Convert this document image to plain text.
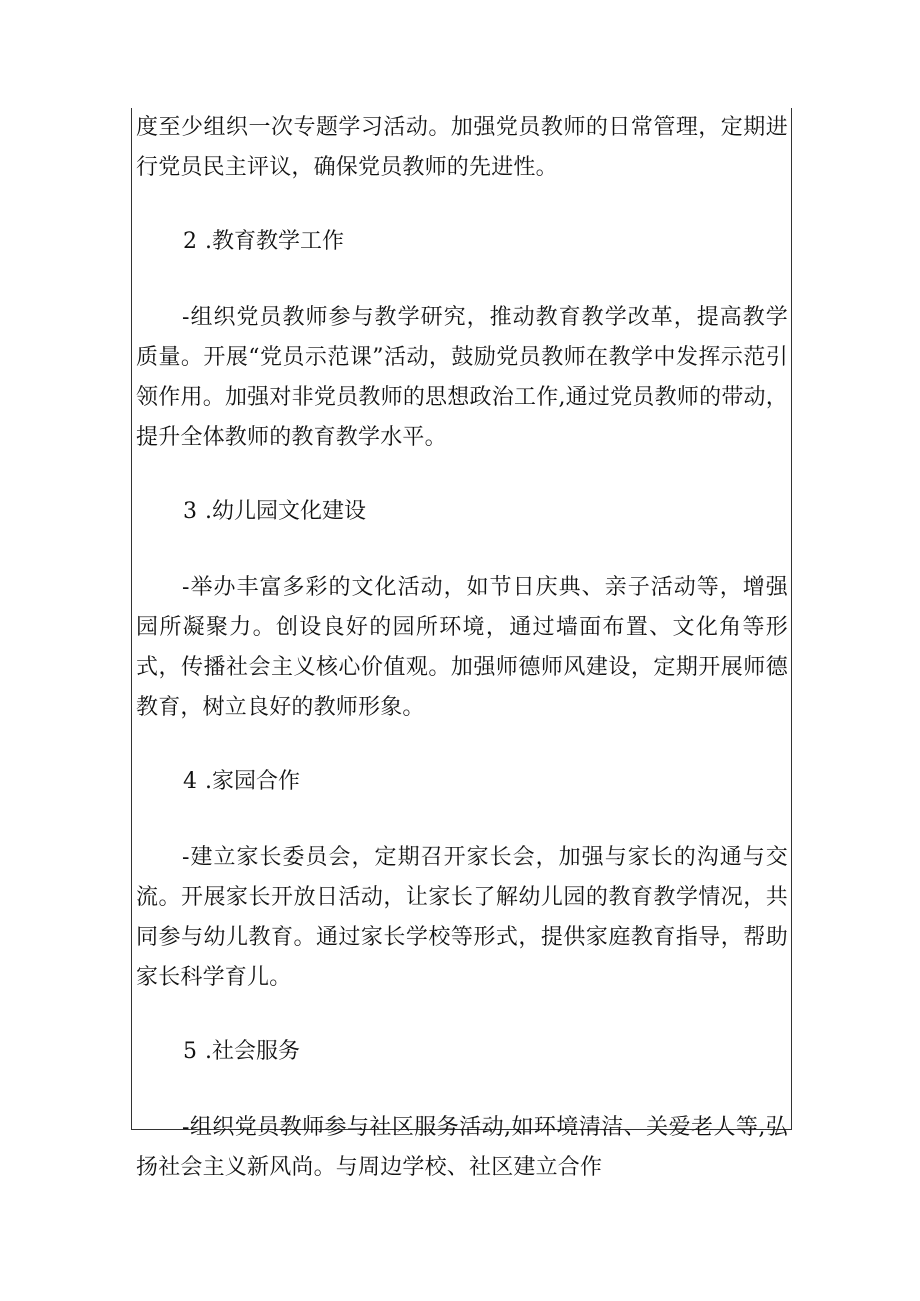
度至少组织一次专题学习活动。加强党员教师的日常管理，定期进行党员民主评议，确保党员教师的先进性。

2 .教育教学工作

-组织党员教师参与教学研究，推动教育教学改革，提高教学质量。开展“党员示范课”活动，鼓励党员教师在教学中发挥示范引领作用。加强对非党员教师的思想政治工作,通过党员教师的带动，提升全体教师的教育教学水平。

3 .幼儿园文化建设

-举办丰富多彩的文化活动，如节日庆典、亲子活动等，增强园所凝聚力。创设良好的园所环境，通过墙面布置、文化角等形式，传播社会主义核心价值观。加强师德师风建设，定期开展师德教育，树立良好的教师形象。

4 .家园合作

-建立家长委员会，定期召开家长会，加强与家长的沟通与交流。开展家长开放日活动，让家长了解幼儿园的教育教学情况，共同参与幼儿教育。通过家长学校等形式，提供家庭教育指导，帮助家长科学育儿。

5 .社会服务

-组织党员教师参与社区服务活动,如环境清洁、关爱老人等,弘扬社会主义新风尚。与周边学校、社区建立合作
